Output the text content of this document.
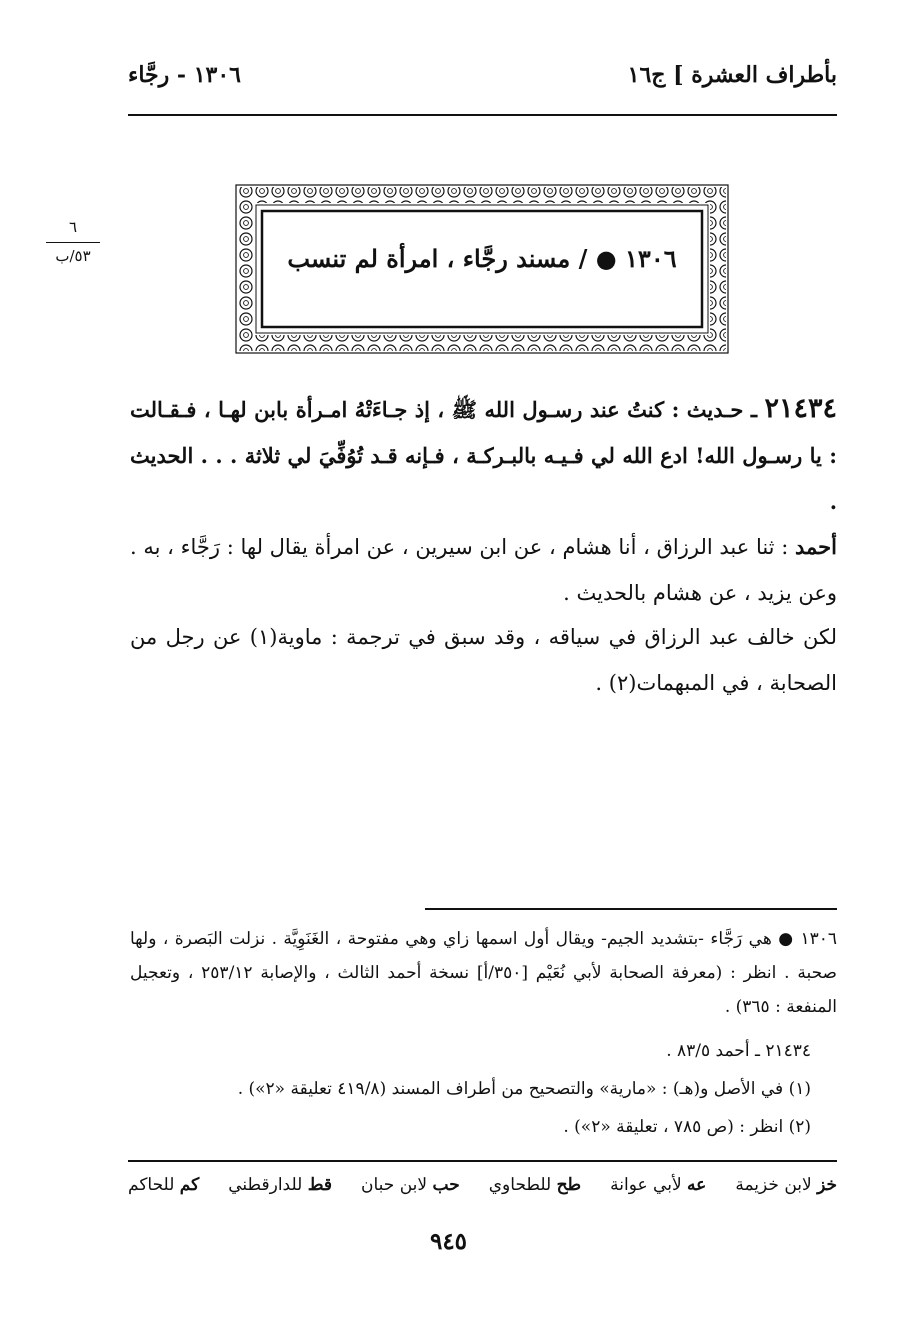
بأطراف العشرة ] ج١٦
١٣٠٦ - رجَّاء
٦
٥٣/ب	١٣٠٦ ● / مسند رجَّاء ، امرأة لم تنسب
٢١٤٣٤ ـ حـديث : كنتُ عند رسـول الله ﷺ ، إذ جـاءَتْهُ امـرأة بابن لهـا ، فـقـالت : يا رسـول الله! ادع الله لي فـيـه بالبـركـة ، فـإنه قـد تُوُفِّيَ لي ثلاثة . . . الحديث .
أحمد : ثنا عبد الرزاق ، أنا هشام ، عن ابن سيرين ، عن امرأة يقال لها : رَجَّاء ، به . وعن يزيد ، عن هشام بالحديث .
لكن خالف عبد الرزاق في سياقه ، وقد سبق في ترجمة : ماوية(١) عن رجل من الصحابة ، في المبهمات(٢) .
١٣٠٦ ● هي رَجَّاء -بتشديد الجيم- ويقال أول اسمها زاي وهي مفتوحة ، الغَنَوِيَّة . نزلت البَصرة ، ولها صحبة . انظر : (معرفة الصحابة لأبي نُعَيْم [٣٥٠/أ] نسخة أحمد الثالث ، والإصابة ٢٥٣/١٢ ، وتعجيل المنفعة : ٣٦٥) .
٢١٤٣٤ ـ أحمد ٨٣/٥ .
(١) في الأصل و(هـ) : «مارية» والتصحيح من أطراف المسند (٤١٩/٨ تعليقة «٢») .
(٢) انظر : (ص ٧٨٥ ، تعليقة «٢») .
خز لابن خزيمة
عه لأبي عوانة
طح للطحاوي
حب لابن حبان
قط للدارقطني
كم للحاكم
٩٤٥
